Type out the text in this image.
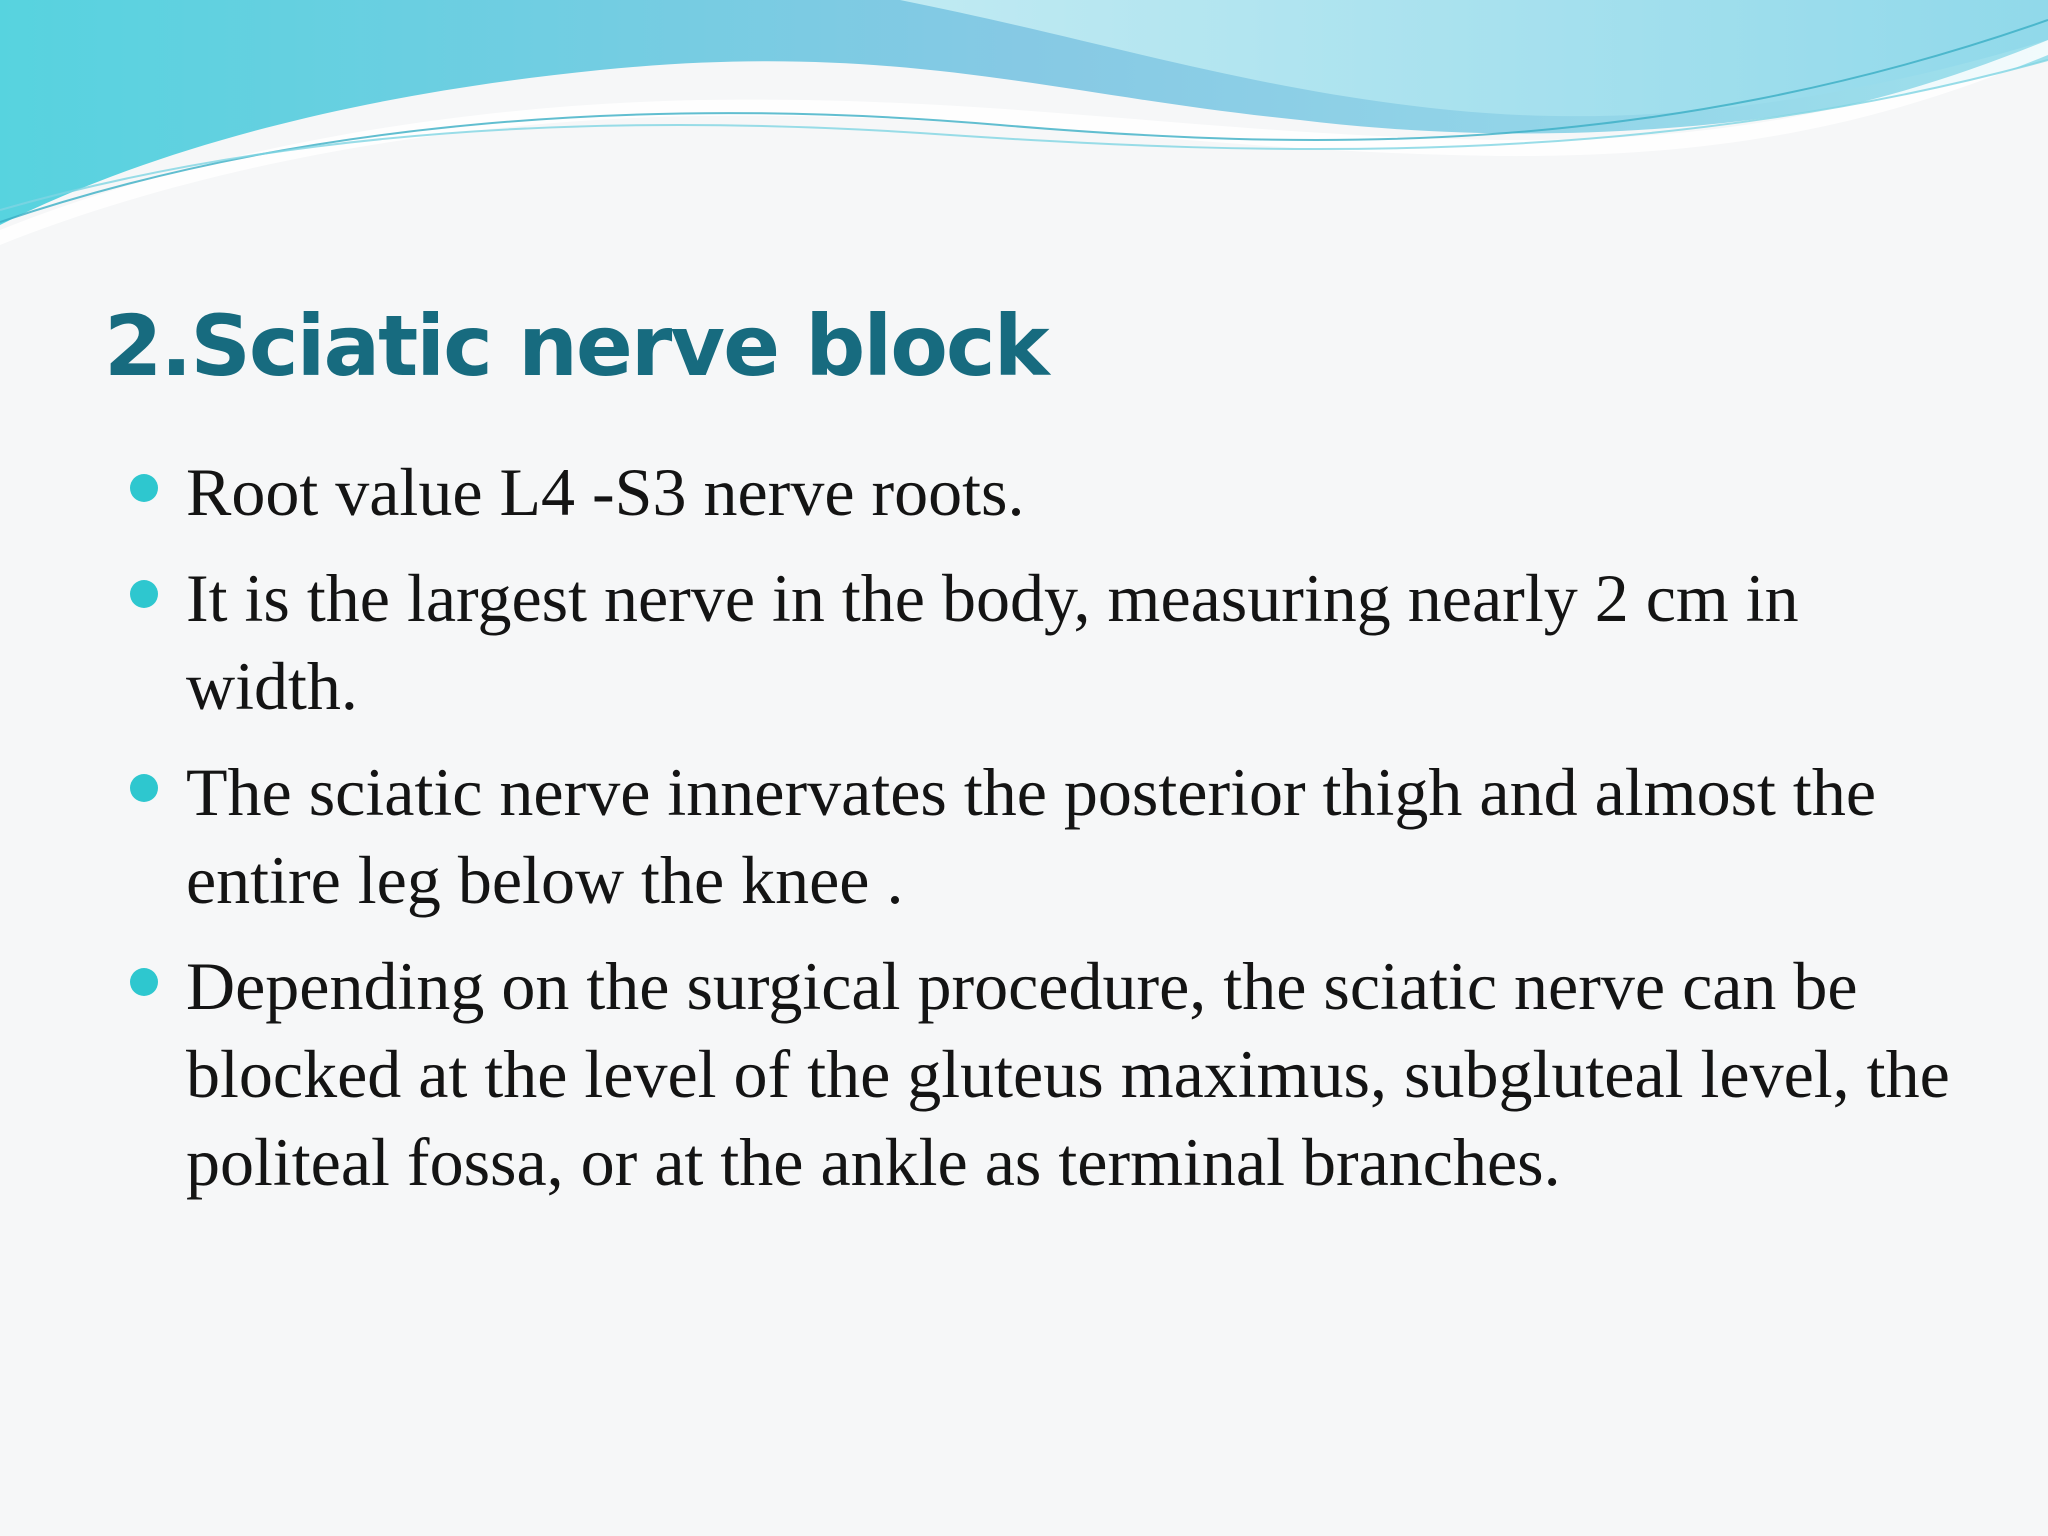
2.Sciatic nerve block
Root value L4 -S3 nerve roots.
It is the largest nerve in the body, measuring nearly 2 cm in width.
The sciatic nerve innervates the posterior thigh and almost the entire leg below the knee .
Depending on the surgical procedure, the sciatic nerve can be blocked at the level of the gluteus maximus, subgluteal level, the politeal fossa, or at the ankle as terminal branches.
